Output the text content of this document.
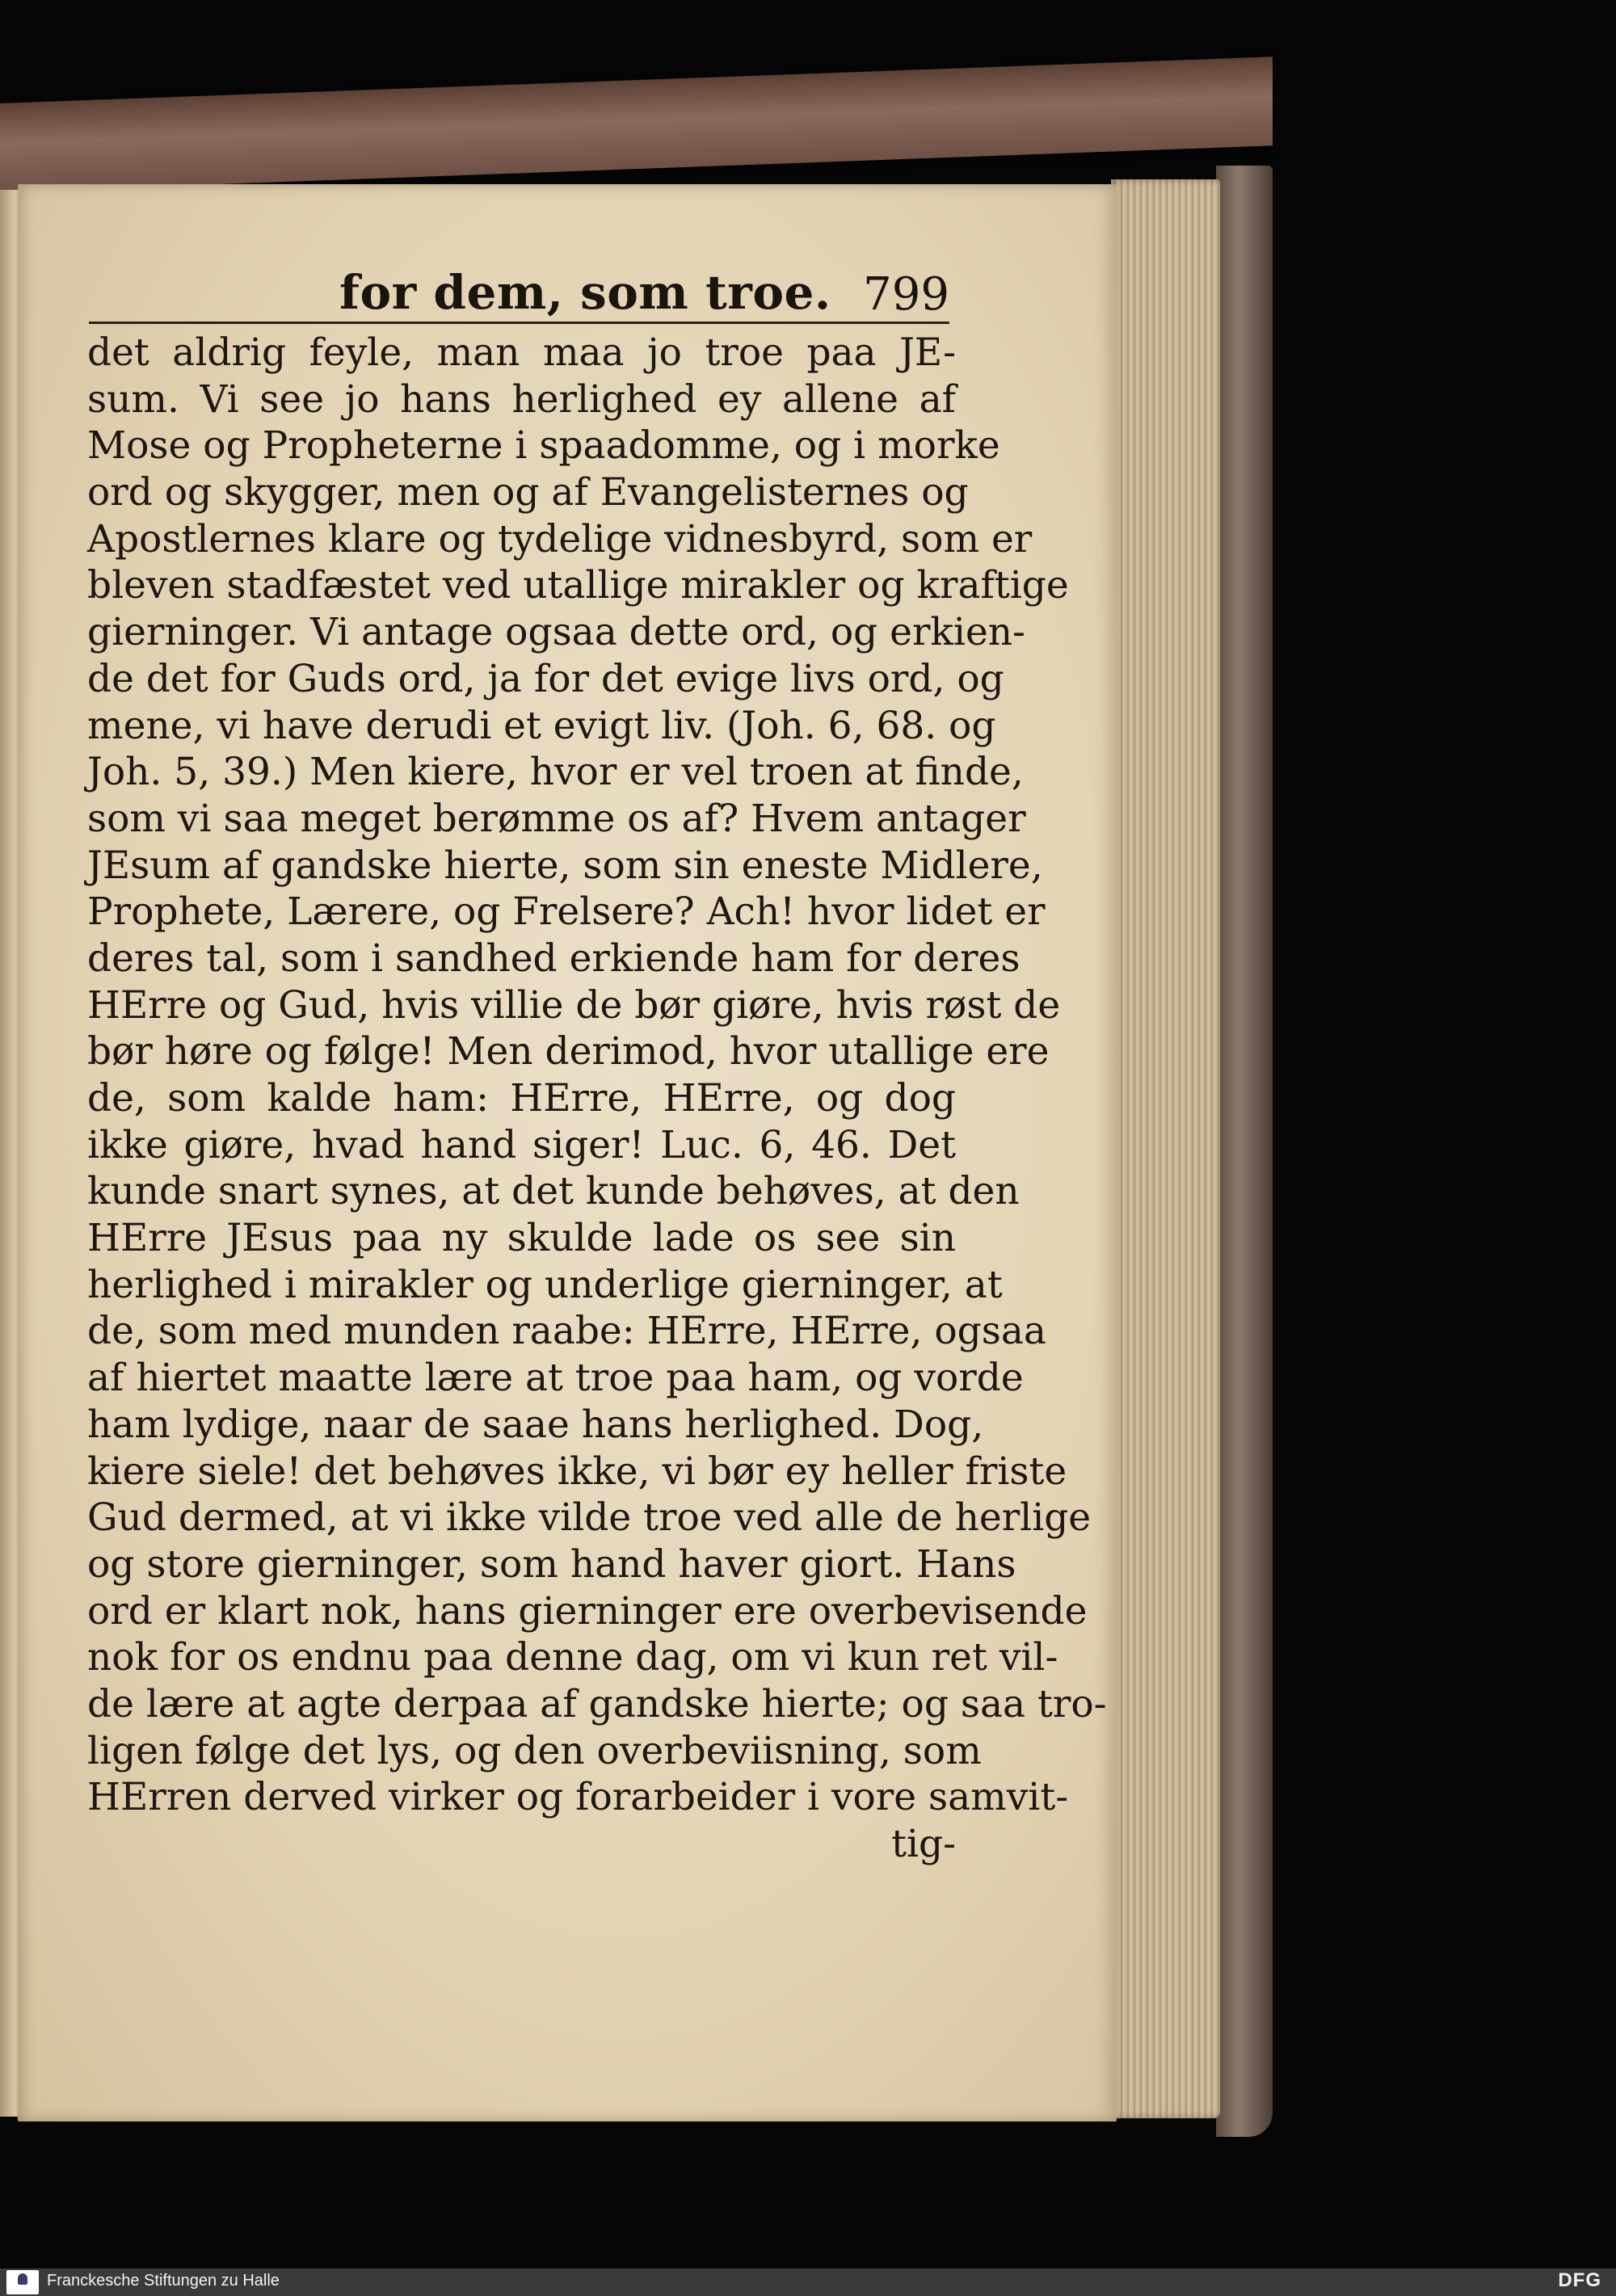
for dem, som troe. 799
det aldrig feyle, man maa jo troe paa JE-
sum. Vi see jo hans herlighed ey allene af
Mose og Propheterne i spaadomme, og i morke
ord og skygger, men og af Evangelisternes og
Apostlernes klare og tydelige vidnesbyrd, som er
bleven stadfæstet ved utallige mirakler og kraftige
gierninger. Vi antage ogsaa dette ord, og erkien-
de det for Guds ord, ja for det evige livs ord, og
mene, vi have derudi et evigt liv. (Joh. 6, 68. og
Joh. 5, 39.) Men kiere, hvor er vel troen at finde,
som vi saa meget berømme os af? Hvem antager
JEsum af gandske hierte, som sin eneste Midlere,
Prophete, Lærere, og Frelsere? Ach! hvor lidet er
deres tal, som i sandhed erkiende ham for deres
HErre og Gud, hvis villie de bør giøre, hvis røst de
bør høre og følge! Men derimod, hvor utallige ere
de, som kalde ham: HErre, HErre, og dog
ikke giøre, hvad hand siger! Luc. 6, 46. Det
kunde snart synes, at det kunde behøves, at den
HErre JEsus paa ny skulde lade os see sin
herlighed i mirakler og underlige gierninger, at
de, som med munden raabe: HErre, HErre, ogsaa
af hiertet maatte lære at troe paa ham, og vorde
ham lydige, naar de saae hans herlighed. Dog,
kiere siele! det behøves ikke, vi bør ey heller friste
Gud dermed, at vi ikke vilde troe ved alle de herlige
og store gierninger, som hand haver giort. Hans
ord er klart nok, hans gierninger ere overbevisende
nok for os endnu paa denne dag, om vi kun ret vil-
de lære at agte derpaa af gandske hierte; og saa tro-
ligen følge det lys, og den overbeviisning, som
HErren derved virker og forarbeider i vore samvit-
tig-
Franckesche Stiftungen zu Halle	DFG
